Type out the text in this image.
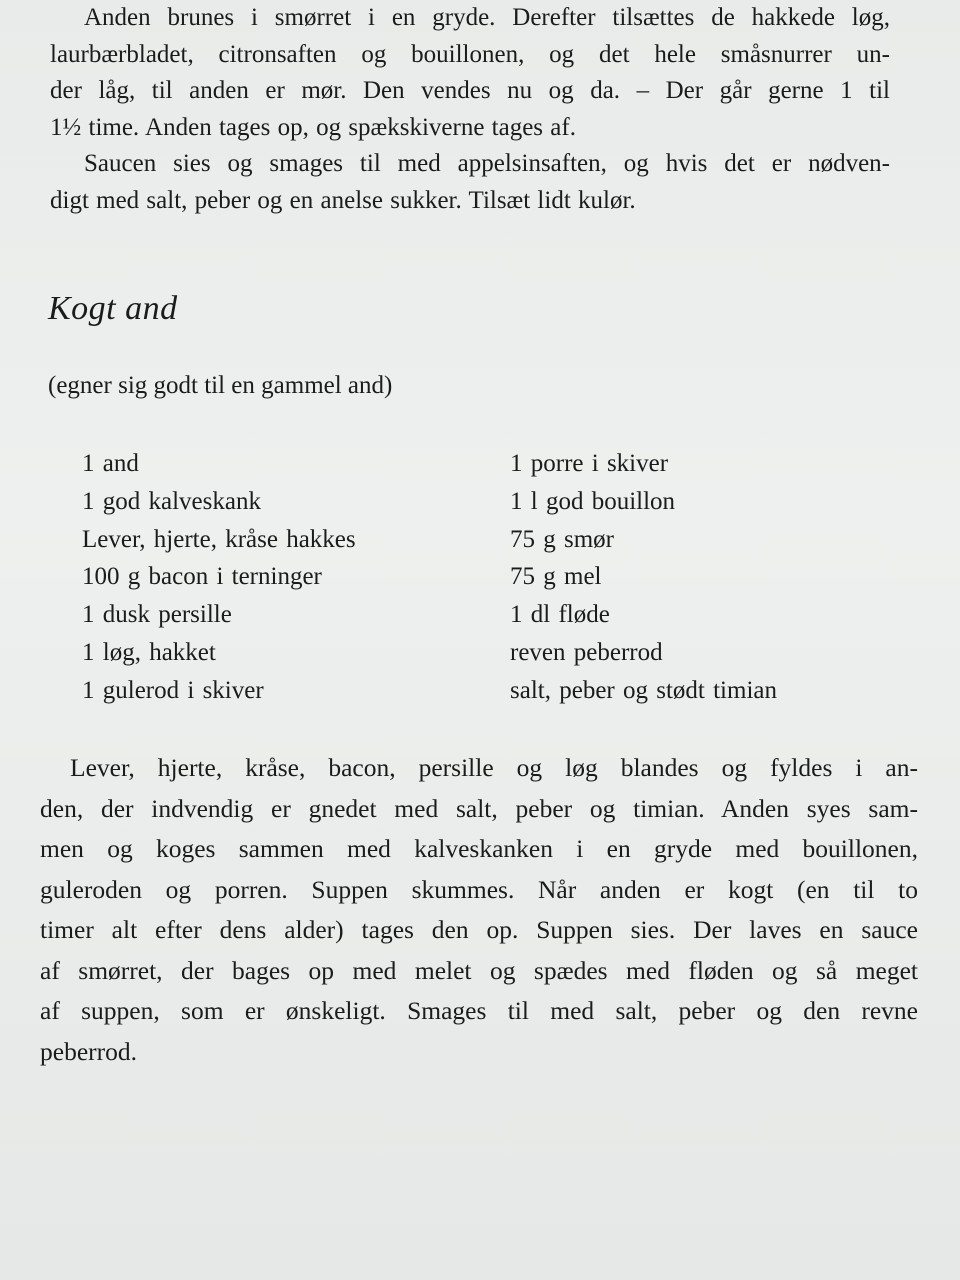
Anden brunes i smørret i en gryde. Derefter tilsættes de hakkede løg,
laurbærbladet, citronsaften og bouillonen, og det hele småsnurrer un-
der låg, til anden er mør. Den vendes nu og da. – Der går gerne 1 til
1½ time. Anden tages op, og spækskiverne tages af.

Saucen sies og smages til med appelsinsaften, og hvis det er nødven-
digt med salt, peber og en anelse sukker. Tilsæt lidt kulør.

Kogt and
(egner sig godt til en gammel and)
1 and
1 god kalveskank
Lever, hjerte, kråse hakkes
100 g bacon i terninger
1 dusk persille
1 løg, hakket
1 gulerod i skiver
1 porre i skiver
1 l god bouillon
75 g smør
75 g mel
1 dl fløde
reven peberrod
salt, peber og stødt timian
Lever, hjerte, kråse, bacon, persille og løg blandes og fyldes i an-
den, der indvendig er gnedet med salt, peber og timian. Anden syes sam-
men og koges sammen med kalveskanken i en gryde med bouillonen,
guleroden og porren. Suppen skummes. Når anden er kogt (en til to
timer alt efter dens alder) tages den op. Suppen sies. Der laves en sauce
af smørret, der bages op med melet og spædes med fløden og så meget
af suppen, som er ønskeligt. Smages til med salt, peber og den revne
peberrod.
